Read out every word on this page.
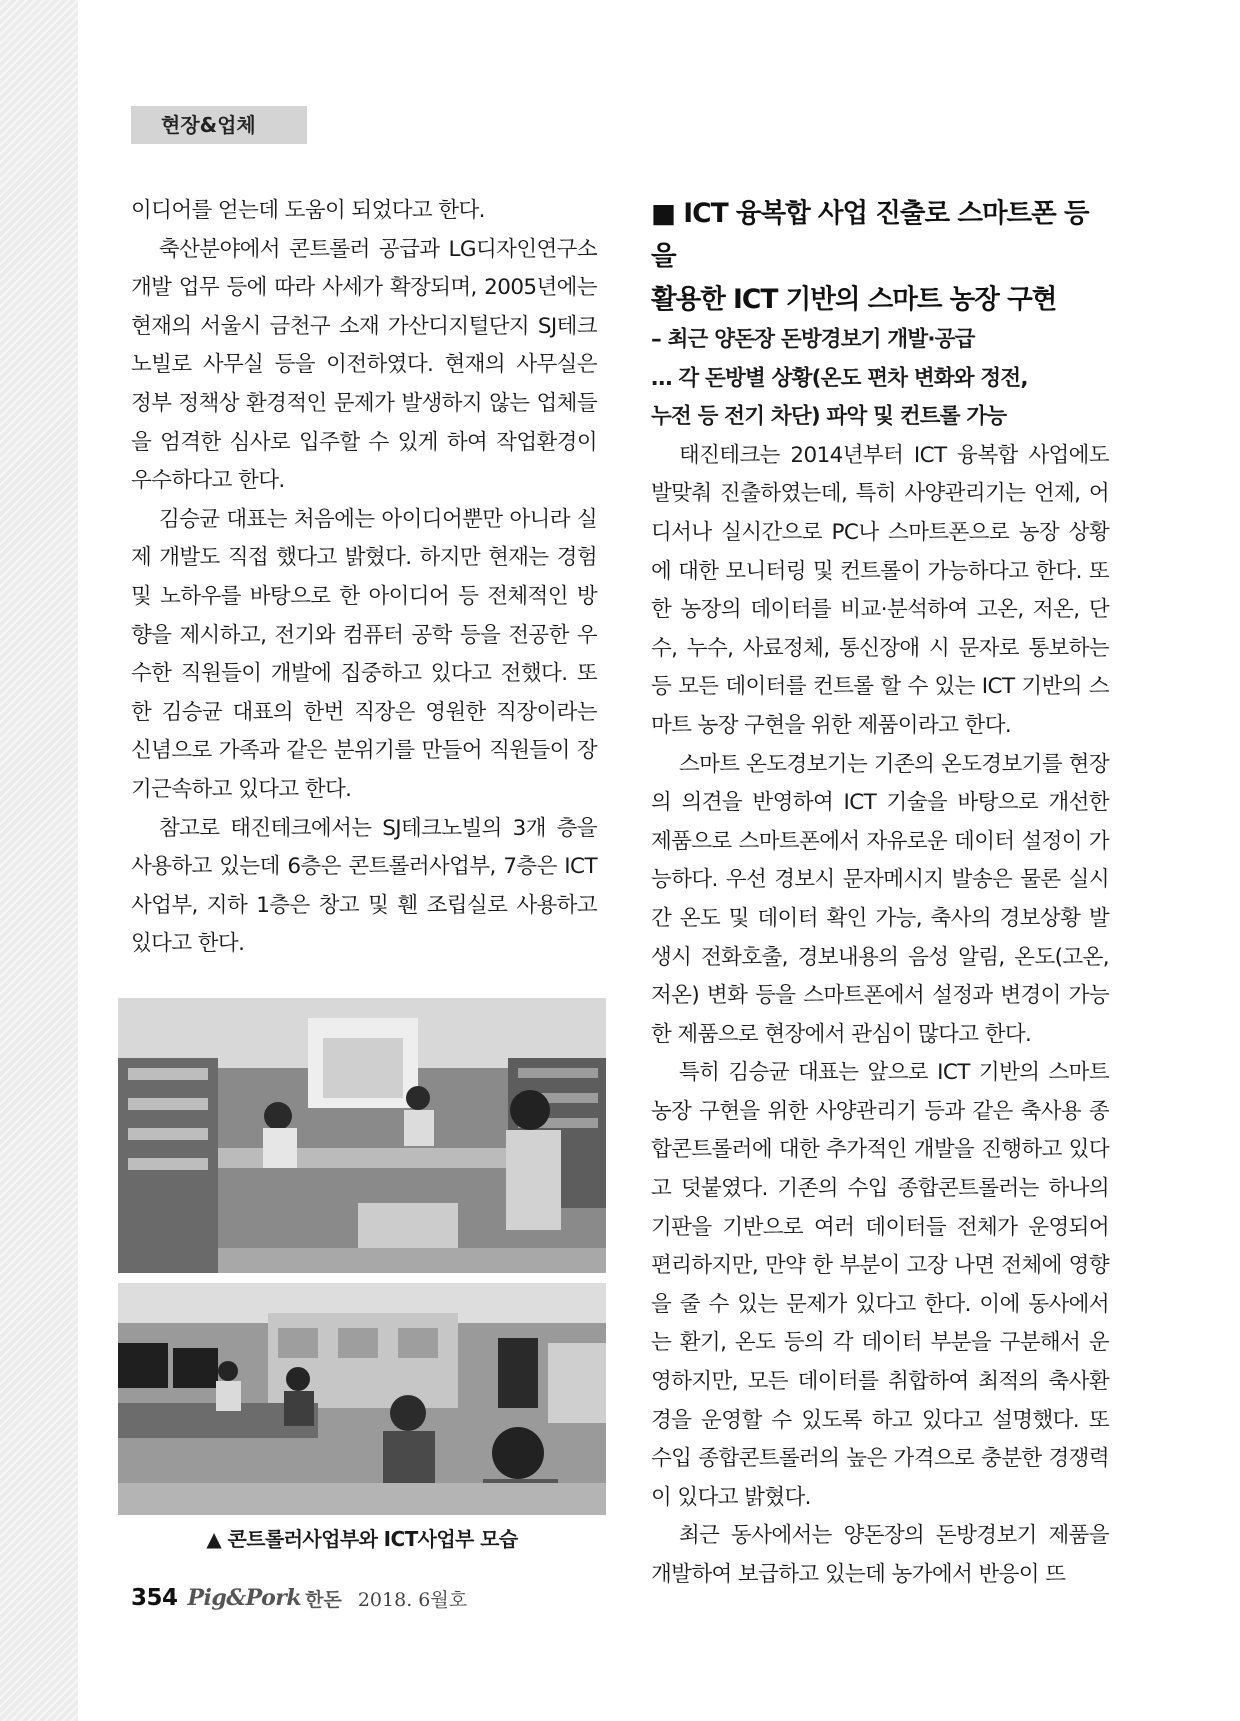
현장&업체

이디어를 얻는데 도움이 되었다고 한다.

축산분야에서 콘트롤러 공급과 LG디자인연구소 개발 업무 등에 따라 사세가 확장되며, 2005년에는 현재의 서울시 금천구 소재 가산디지털단지 SJ테크노빌로 사무실 등을 이전하였다. 현재의 사무실은 정부 정책상 환경적인 문제가 발생하지 않는 업체들을 엄격한 심사로 입주할 수 있게 하여 작업환경이 우수하다고 한다.

김승균 대표는 처음에는 아이디어뿐만 아니라 실제 개발도 직접 했다고 밝혔다. 하지만 현재는 경험 및 노하우를 바탕으로 한 아이디어 등 전체적인 방향을 제시하고, 전기와 컴퓨터 공학 등을 전공한 우수한 직원들이 개발에 집중하고 있다고 전했다. 또한 김승균 대표의 한번 직장은 영원한 직장이라는 신념으로 가족과 같은 분위기를 만들어 직원들이 장기근속하고 있다고 한다.

참고로 태진테크에서는 SJ테크노빌의 3개 층을 사용하고 있는데 6층은 콘트롤러사업부, 7층은 ICT사업부, 지하 1층은 창고 및 휀 조립실로 사용하고 있다고 한다.

▲ 콘트롤러사업부와 ICT사업부 모습
■ ICT 융복합 사업 진출로 스마트폰 등을
활용한 ICT 기반의 스마트 농장 구현

– 최근 양돈장 돈방경보기 개발·공급

… 각 돈방별 상황(온도 편차 변화와 정전,

누전 등 전기 차단) 파악 및 컨트롤 가능

태진테크는 2014년부터 ICT 융복합 사업에도 발맞춰 진출하였는데, 특히 사양관리기는 언제, 어디서나 실시간으로 PC나 스마트폰으로 농장 상황에 대한 모니터링 및 컨트롤이 가능하다고 한다. 또한 농장의 데이터를 비교·분석하여 고온, 저온, 단수, 누수, 사료정체, 통신장애 시 문자로 통보하는 등 모든 데이터를 컨트롤 할 수 있는 ICT 기반의 스마트 농장 구현을 위한 제품이라고 한다.

스마트 온도경보기는 기존의 온도경보기를 현장의 의견을 반영하여 ICT 기술을 바탕으로 개선한 제품으로 스마트폰에서 자유로운 데이터 설정이 가능하다. 우선 경보시 문자메시지 발송은 물론 실시간 온도 및 데이터 확인 가능, 축사의 경보상황 발생시 전화호출, 경보내용의 음성 알림, 온도(고온, 저온) 변화 등을 스마트폰에서 설정과 변경이 가능한 제품으로 현장에서 관심이 많다고 한다.

특히 김승균 대표는 앞으로 ICT 기반의 스마트 농장 구현을 위한 사양관리기 등과 같은 축사용 종합콘트롤러에 대한 추가적인 개발을 진행하고 있다고 덧붙였다. 기존의 수입 종합콘트롤러는 하나의 기판을 기반으로 여러 데이터들 전체가 운영되어 편리하지만, 만약 한 부분이 고장 나면 전체에 영향을 줄 수 있는 문제가 있다고 한다. 이에 동사에서는 환기, 온도 등의 각 데이터 부분을 구분해서 운영하지만, 모든 데이터를 취합하여 최적의 축사환경을 운영할 수 있도록 하고 있다고 설명했다. 또 수입 종합콘트롤러의 높은 가격으로 충분한 경쟁력이 있다고 밝혔다.

최근 동사에서는 양돈장의 돈방경보기 제품을 개발하여 보급하고 있는데 농가에서 반응이 뜨

354 Pig&Pork 한돈 2018. 6월호
